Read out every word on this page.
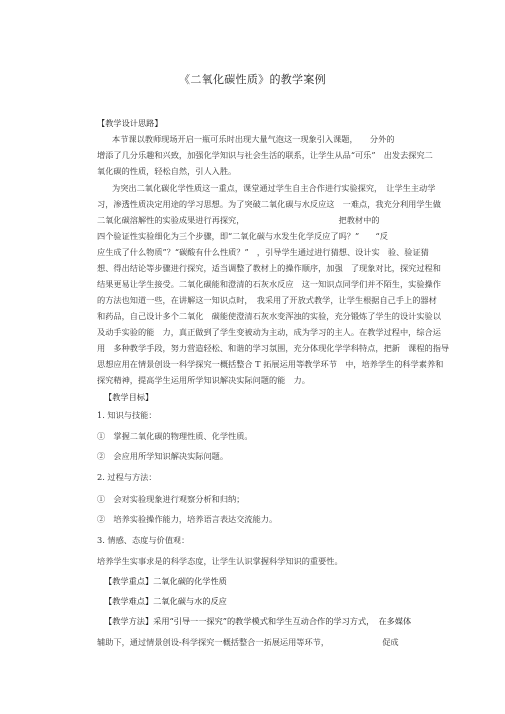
《二氧化碳性质》的教学案例
【教学设计思路】
本节课以教师现场开启一瓶可乐时出现大量气泡这一现象引入课题，　　分外的
增添了几分乐趣和兴致，加强化学知识与社会生活的联系，让学生从品“可乐”　出发去探究二
氧化碳的性质，轻松自然，引人入胜。
为突出二氧化碳化学性质这一重点，课堂通过学生自主合作进行实验探究，　让学生主动学
习，渗透性质决定用途的学习思想。为了突破二氧化碳与水反应这　一难点，我充分利用学生做
二氧化碳溶解性的实验成果进行再探究，　　　　　　　　　　　　把教材中的
四个验证性实验细化为三个步骤，即“二氧化碳与水发生化学反应了吗？”　　“反
应生成了什么物质”？“碳酸有什么性质？”　，引导学生通过进行猜想、设计实　验、验证猜
想、得出结论等步骤进行探究，适当调整了教材上的操作顺序，加强　了现象对比，探究过程和
结果更易让学生接受。二氧化碳能和澄清的石灰水反应　这一知识点同学们并不陌生，实验操作
的方法也知道一些，在讲解这一知识点时，　我采用了开放式教学，让学生根据自己手上的器材
和药品，自己设计多个二氧化　碳能使澄清石灰水变浑浊的实验，充分锻炼了学生的设计实验以
及动手实验的能　力，真正做到了学生变被动为主动，成为学习的主人。在教学过程中，综合运
用　多种教学手段，努力营造轻松、和谐的学习氛围，充分体现化学学科特点，把新　课程的指导
思想应用在情景创设一科学探究一概括整合 T 拓展运用等教学环节　中，培养学生的科学素养和
探究精神，提高学生运用所学知识解决实际问题的能　力。
【教学目标】
1. 知识与技能：
①　掌握二氧化碳的物理性质、化学性质。
②　会应用所学知识解决实际问题。
2. 过程与方法：
①　会对实验现象进行观察分析和归纳；
②　培养实验操作能力，培养语言表达交流能力。
3. 情感、态度与价值观：
培养学生实事求是的科学态度，让学生认识掌握科学知识的重要性。
【教学重点】二氧化碳的化学性质
【教学难点】二氧化碳与水的反应
【教学方法】采用“引导一一探究”的教学模式和学生互动合作的学习方式，　在多媒体
辅助下，通过情景创设-科学探究一概括整合一拓展运用等环节，　　　　　　　促成
